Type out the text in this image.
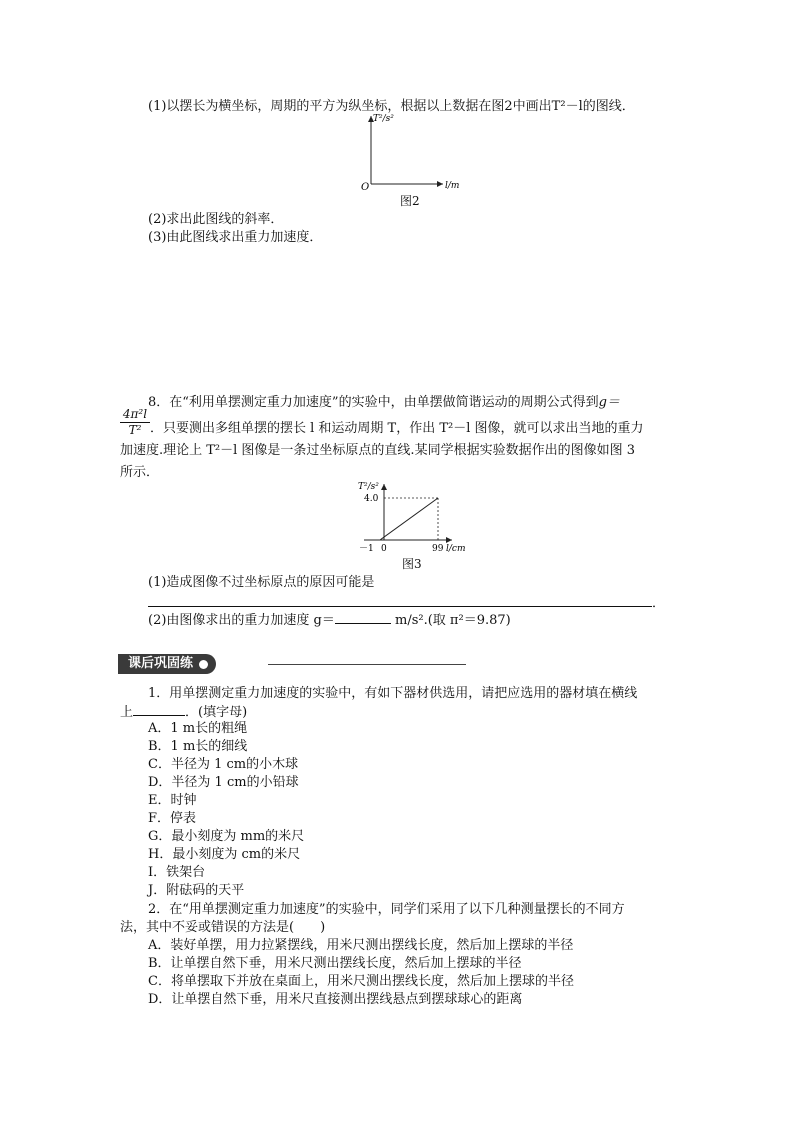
(1)以摆长为横坐标，周期的平方为纵坐标，根据以上数据在图2中画出T²－l的图线．
T²/s²
l/m
O
图2
(2)求出此图线的斜率．
(3)由此图线求出重力加速度．
8．在“利用单摆测定重力加速度”的实验中，由单摆做简谐运动的周期公式得到g＝
4π²l
T² ．只要测出多组单摆的摆长 l 和运动周期 T，作出 T²－l 图像，就可以求出当地的重力
加速度.理论上 T²－l 图像是一条过坐标原点的直线.某同学根据实验数据作出的图像如图 3
所示．
T²/s²
4.0
－1 0	99 l/cm
图3
(1)造成图像不过坐标原点的原因可能是
．
(2)由图像求出的重力加速度 g＝	m/s².(取 π²＝9.87)
课后巩固练
1．用单摆测定重力加速度的实验中，有如下器材供选用，请把应选用的器材填在横线
上	．(填字母)
A．1 m长的粗绳
B．1 m长的细线
C．半径为 1 cm的小木球
D．半径为 1 cm的小铅球
E．时钟
F．停表
G．最小刻度为 mm的米尺
H．最小刻度为 cm的米尺
I．铁架台
J．附砝码的天平
2．在“用单摆测定重力加速度”的实验中，同学们采用了以下几种测量摆长的不同方
法，其中不妥或错误的方法是(　　)
A．装好单摆，用力拉紧摆线，用米尺测出摆线长度，然后加上摆球的半径
B．让单摆自然下垂，用米尺测出摆线长度，然后加上摆球的半径
C．将单摆取下并放在桌面上，用米尺测出摆线长度，然后加上摆球的半径
D．让单摆自然下垂，用米尺直接测出摆线悬点到摆球球心的距离
